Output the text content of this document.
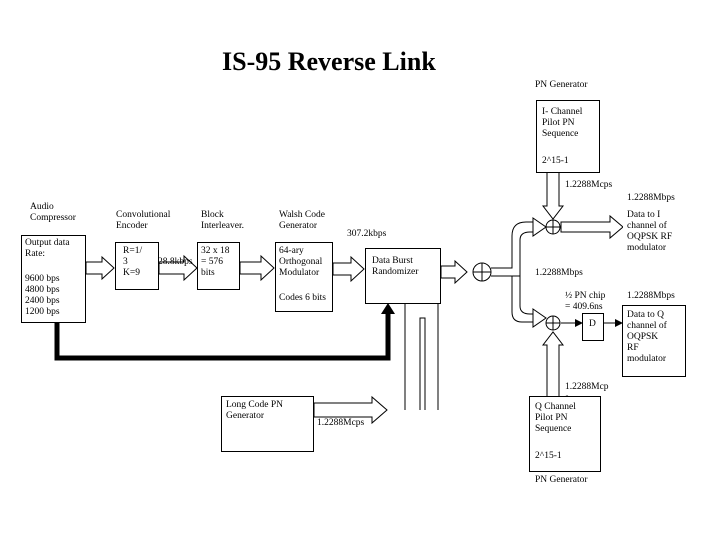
IS-95 Reverse Link
Audio
Compressor
Output data
Rate:
9600 bps
4800 bps
2400 bps
1200 bps
Convolutional
Encoder
R=1/
3
K=9
28.8kbps
Block
Interleaver.
32 x 18
= 576
bits
Walsh Code
Generator
307.2kbps
64-ary
Orthogonal
Modulator
Codes 6 bits
Data Burst
Randomizer
PN Generator
I- Channel
Pilot PN
Sequence
2^15-1
1.2288Mcps
1.2288Mbps
Data to I
channel of
OQPSK RF
modulator
1.2288Mbps
½ PN chip
= 409.6ns
D
1.2288Mbps
Data to Q
channel of
OQPSK
RF
modulator
1.2288Mcp

Long Code PN
Generator
1.2288Mcps
Q Channel
Pilot PN
Sequence
2^15-1
PN Generator
